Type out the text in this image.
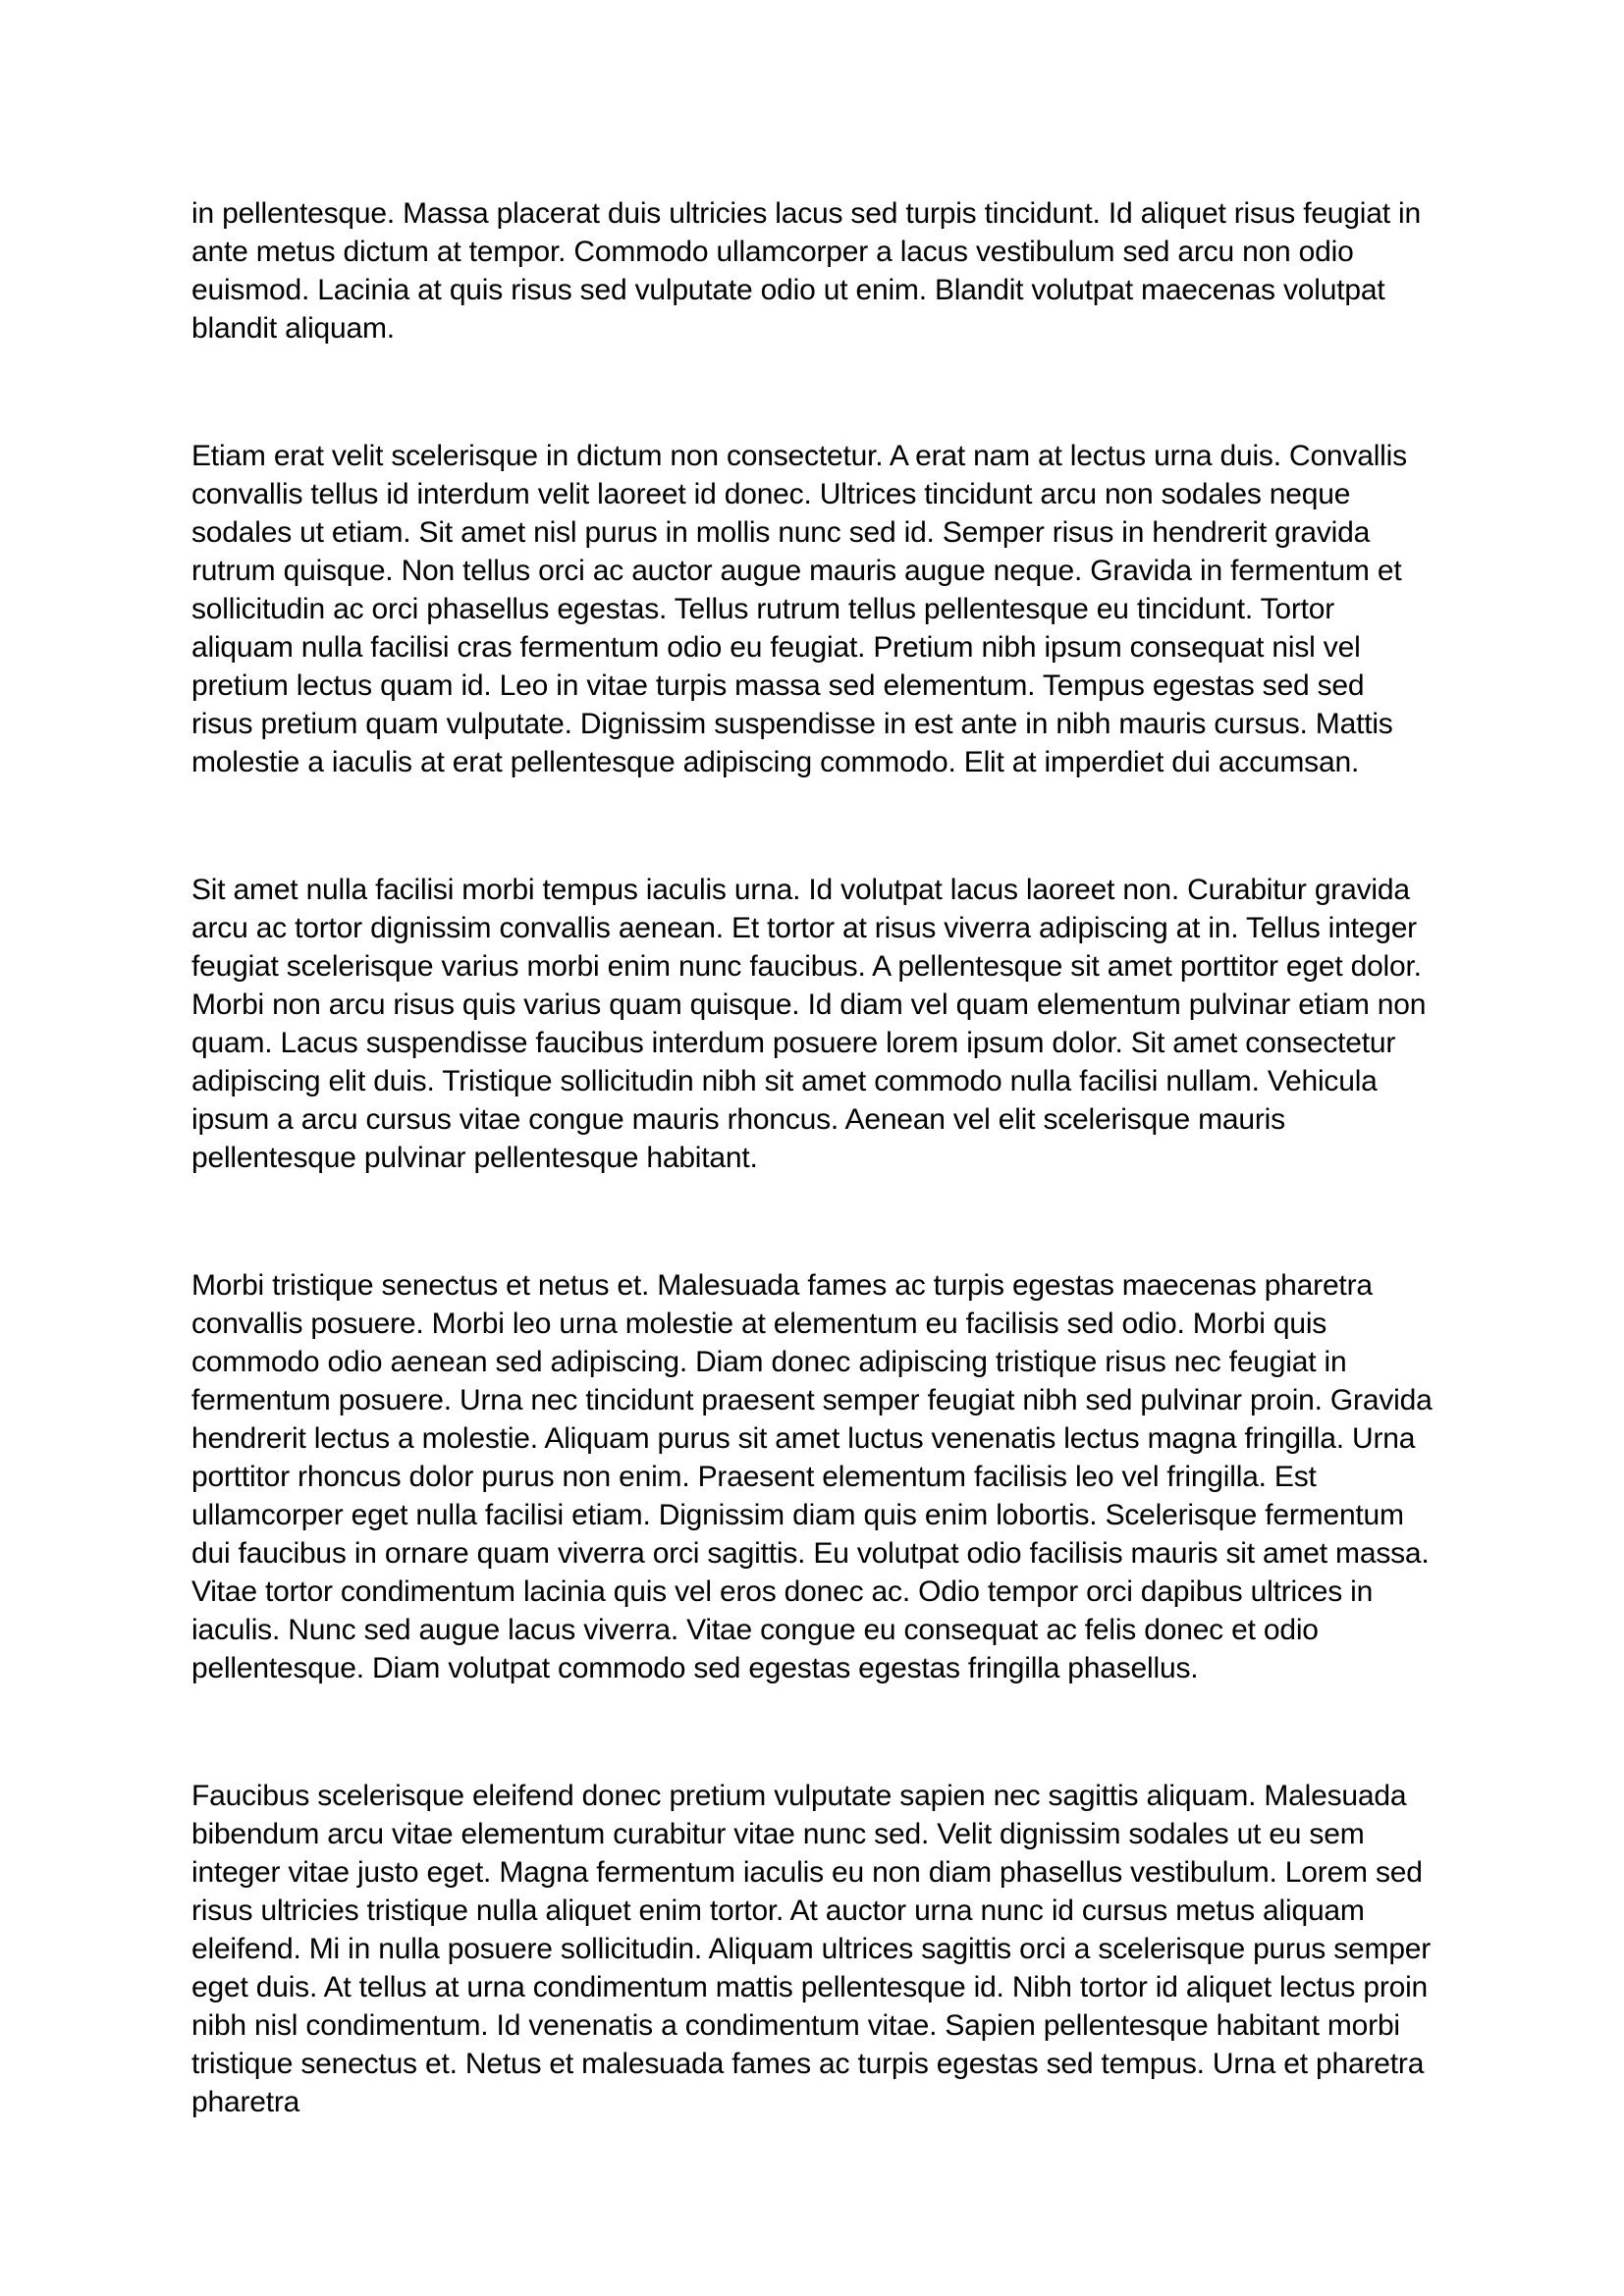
in pellentesque. Massa placerat duis ultricies lacus sed turpis tincidunt. Id aliquet risus feugiat in ante metus dictum at tempor. Commodo ullamcorper a lacus vestibulum sed arcu non odio euismod. Lacinia at quis risus sed vulputate odio ut enim. Blandit volutpat maecenas volutpat blandit aliquam.

Etiam erat velit scelerisque in dictum non consectetur. A erat nam at lectus urna duis. Convallis convallis tellus id interdum velit laoreet id donec. Ultrices tincidunt arcu non sodales neque sodales ut etiam. Sit amet nisl purus in mollis nunc sed id. Semper risus in hendrerit gravida rutrum quisque. Non tellus orci ac auctor augue mauris augue neque. Gravida in fermentum et sollicitudin ac orci phasellus egestas. Tellus rutrum tellus pellentesque eu tincidunt. Tortor aliquam nulla facilisi cras fermentum odio eu feugiat. Pretium nibh ipsum consequat nisl vel pretium lectus quam id. Leo in vitae turpis massa sed elementum. Tempus egestas sed sed risus pretium quam vulputate. Dignissim suspendisse in est ante in nibh mauris cursus. Mattis molestie a iaculis at erat pellentesque adipiscing commodo. Elit at imperdiet dui accumsan.

Sit amet nulla facilisi morbi tempus iaculis urna. Id volutpat lacus laoreet non. Curabitur gravida arcu ac tortor dignissim convallis aenean. Et tortor at risus viverra adipiscing at in. Tellus integer feugiat scelerisque varius morbi enim nunc faucibus. A pellentesque sit amet porttitor eget dolor. Morbi non arcu risus quis varius quam quisque. Id diam vel quam elementum pulvinar etiam non quam. Lacus suspendisse faucibus interdum posuere lorem ipsum dolor. Sit amet consectetur adipiscing elit duis. Tristique sollicitudin nibh sit amet commodo nulla facilisi nullam. Vehicula ipsum a arcu cursus vitae congue mauris rhoncus. Aenean vel elit scelerisque mauris pellentesque pulvinar pellentesque habitant.

Morbi tristique senectus et netus et. Malesuada fames ac turpis egestas maecenas pharetra convallis posuere. Morbi leo urna molestie at elementum eu facilisis sed odio. Morbi quis commodo odio aenean sed adipiscing. Diam donec adipiscing tristique risus nec feugiat in fermentum posuere. Urna nec tincidunt praesent semper feugiat nibh sed pulvinar proin. Gravida hendrerit lectus a molestie. Aliquam purus sit amet luctus venenatis lectus magna fringilla. Urna porttitor rhoncus dolor purus non enim. Praesent elementum facilisis leo vel fringilla. Est ullamcorper eget nulla facilisi etiam. Dignissim diam quis enim lobortis. Scelerisque fermentum dui faucibus in ornare quam viverra orci sagittis. Eu volutpat odio facilisis mauris sit amet massa. Vitae tortor condimentum lacinia quis vel eros donec ac. Odio tempor orci dapibus ultrices in iaculis. Nunc sed augue lacus viverra. Vitae congue eu consequat ac felis donec et odio pellentesque. Diam volutpat commodo sed egestas egestas fringilla phasellus.

Faucibus scelerisque eleifend donec pretium vulputate sapien nec sagittis aliquam. Malesuada bibendum arcu vitae elementum curabitur vitae nunc sed. Velit dignissim sodales ut eu sem integer vitae justo eget. Magna fermentum iaculis eu non diam phasellus vestibulum. Lorem sed risus ultricies tristique nulla aliquet enim tortor. At auctor urna nunc id cursus metus aliquam eleifend. Mi in nulla posuere sollicitudin. Aliquam ultrices sagittis orci a scelerisque purus semper eget duis. At tellus at urna condimentum mattis pellentesque id. Nibh tortor id aliquet lectus proin nibh nisl condimentum. Id venenatis a condimentum vitae. Sapien pellentesque habitant morbi tristique senectus et. Netus et malesuada fames ac turpis egestas sed tempus. Urna et pharetra pharetra
